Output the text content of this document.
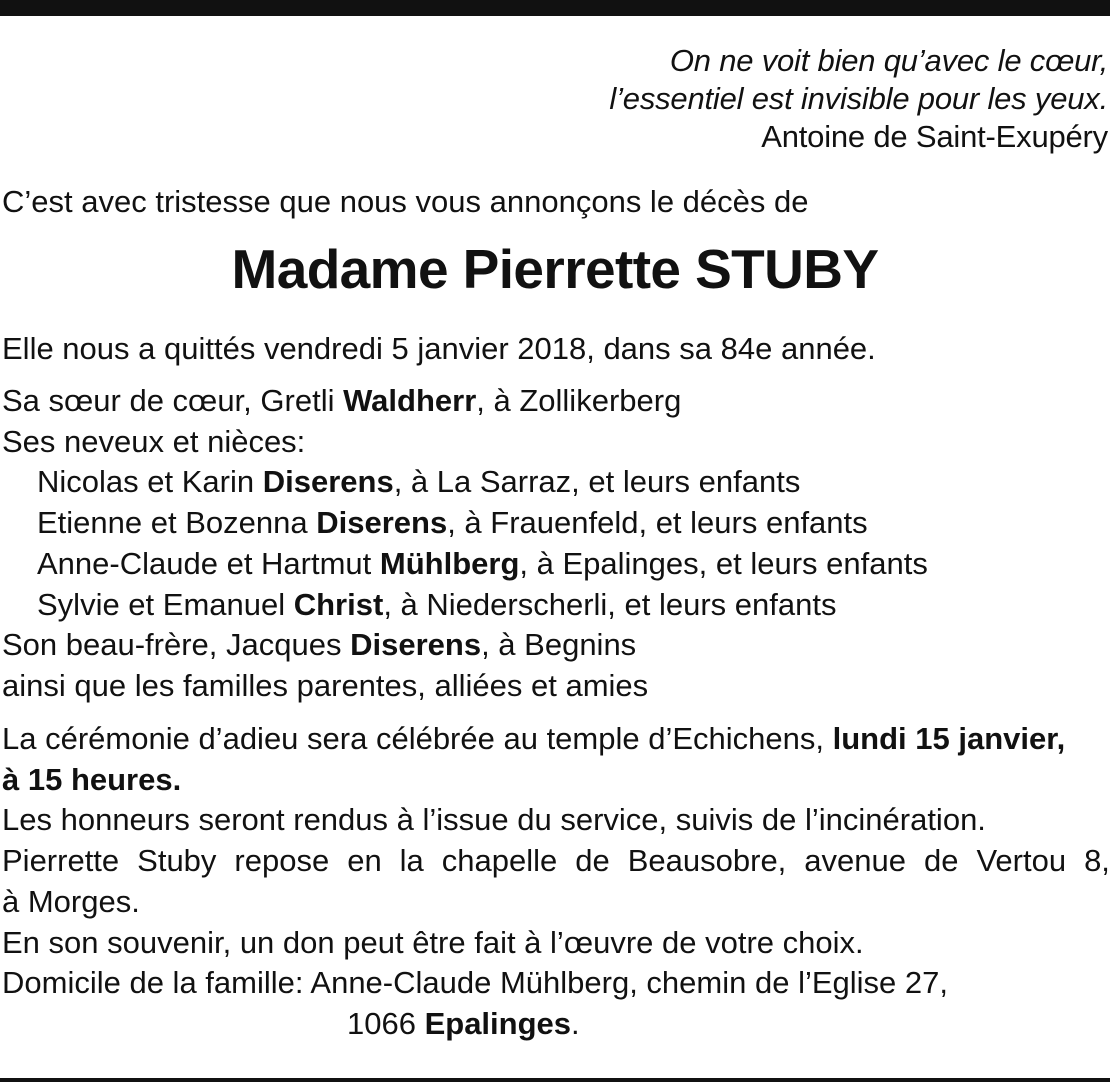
On ne voit bien qu’avec le cœur,
l’essentiel est invisible pour les yeux.
Antoine de Saint-Exupéry
C’est avec tristesse que nous vous annonçons le décès de
Madame Pierrette STUBY
Elle nous a quittés vendredi 5 janvier 2018, dans sa 84e année.
Sa sœur de cœur, Gretli Waldherr, à Zollikerberg
Ses neveux et nièces:
Nicolas et Karin Diserens, à La Sarraz, et leurs enfants
Etienne et Bozenna Diserens, à Frauenfeld, et leurs enfants
Anne-Claude et Hartmut Mühlberg, à Epalinges, et leurs enfants
Sylvie et Emanuel Christ, à Niederscherli, et leurs enfants
Son beau-frère, Jacques Diserens, à Begnins
ainsi que les familles parentes, alliées et amies
La cérémonie d’adieu sera célébrée au temple d’Echichens, lundi 15 janvier,
à 15 heures.
Les honneurs seront rendus à l’issue du service, suivis de l’incinération.
Pierrette Stuby repose en la chapelle de Beausobre, avenue de Vertou 8,
à Morges.
En son souvenir, un don peut être fait à l’œuvre de votre choix.
Domicile de la famille: Anne-Claude Mühlberg, chemin de l’Eglise 27,
1066 Epalinges.
